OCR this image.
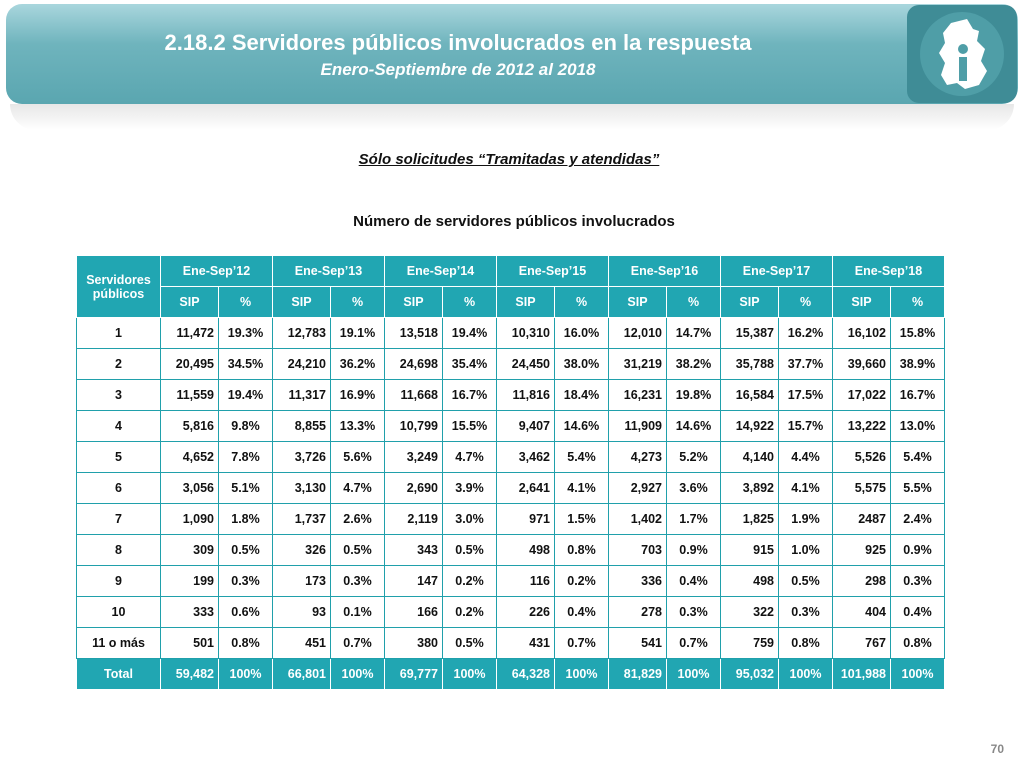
2.18.2 Servidores públicos involucrados en la respuesta
Enero-Septiembre de 2012 al 2018
Sólo solicitudes “Tramitadas y atendidas”
Número de servidores públicos involucrados
Servidores públicos	Ene-Sep’12		Ene-Sep’13		Ene-Sep’14		Ene-Sep’15		Ene-Sep’16		Ene-Sep’17		Ene-Sep’18	
	SIP	%	SIP	%	SIP	%	SIP	%	SIP	%	SIP	%	SIP	%
1	11,472	19.3%	12,783	19.1%	13,518	19.4%	10,310	16.0%	12,010	14.7%	15,387	16.2%	16,102	15.8%
2	20,495	34.5%	24,210	36.2%	24,698	35.4%	24,450	38.0%	31,219	38.2%	35,788	37.7%	39,660	38.9%
3	11,559	19.4%	11,317	16.9%	11,668	16.7%	11,816	18.4%	16,231	19.8%	16,584	17.5%	17,022	16.7%
4	5,816	9.8%	8,855	13.3%	10,799	15.5%	9,407	14.6%	11,909	14.6%	14,922	15.7%	13,222	13.0%
5	4,652	7.8%	3,726	5.6%	3,249	4.7%	3,462	5.4%	4,273	5.2%	4,140	4.4%	5,526	5.4%
6	3,056	5.1%	3,130	4.7%	2,690	3.9%	2,641	4.1%	2,927	3.6%	3,892	4.1%	5,575	5.5%
7	1,090	1.8%	1,737	2.6%	2,119	3.0%	971	1.5%	1,402	1.7%	1,825	1.9%	2487	2.4%
8	309	0.5%	326	0.5%	343	0.5%	498	0.8%	703	0.9%	915	1.0%	925	0.9%
9	199	0.3%	173	0.3%	147	0.2%	116	0.2%	336	0.4%	498	0.5%	298	0.3%
10	333	0.6%	93	0.1%	166	0.2%	226	0.4%	278	0.3%	322	0.3%	404	0.4%
11 o más	501	0.8%	451	0.7%	380	0.5%	431	0.7%	541	0.7%	759	0.8%	767	0.8%
Total	59,482	100%	66,801	100%	69,777	100%	64,328	100%	81,829	100%	95,032	100%	101,988	100%
70
